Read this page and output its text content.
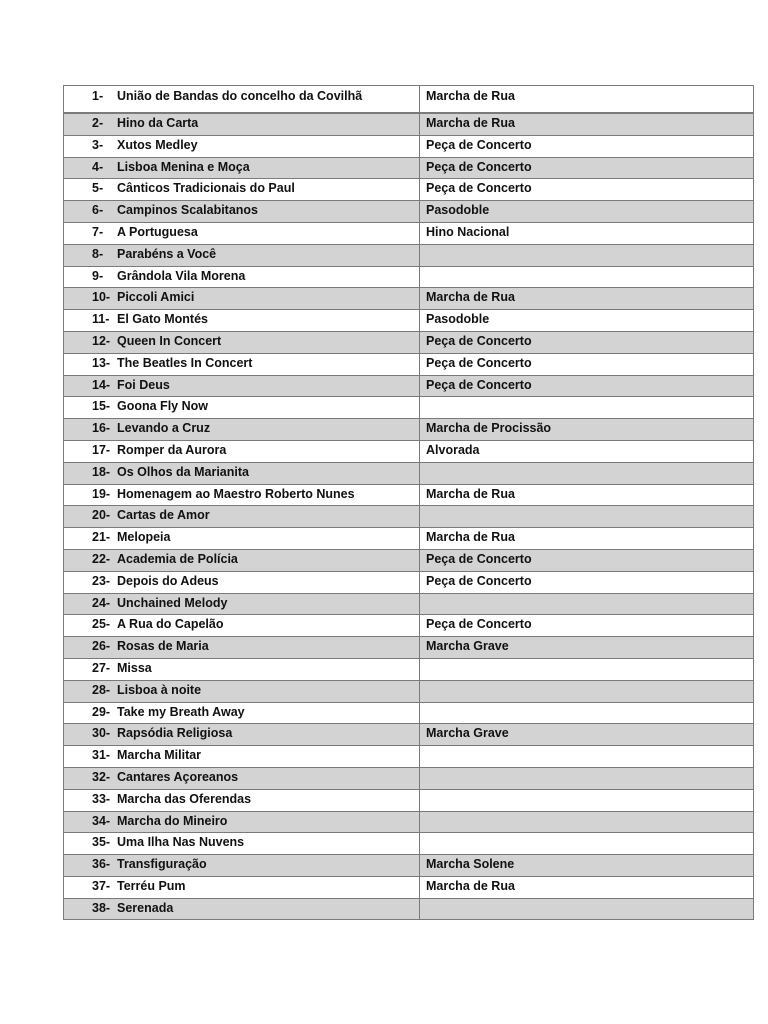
1- União de Bandas do concelho da Covilhã	Marcha de Rua
2- Hino da Carta	Marcha de Rua
3- Xutos Medley	Peça de Concerto
4- Lisboa Menina e Moça	Peça de Concerto
5- Cânticos Tradicionais do Paul	Peça de Concerto
6- Campinos Scalabitanos	Pasodoble
7- A Portuguesa	Hino Nacional
8- Parabéns a Você	
9- Grândola Vila Morena	
10- Piccoli Amici	Marcha de Rua
11- El Gato Montés	Pasodoble
12- Queen In Concert	Peça de Concerto
13- The Beatles In Concert	Peça de Concerto
14- Foi Deus	Peça de Concerto
15- Goona Fly Now	
16- Levando a Cruz	Marcha de Procissão
17- Romper da Aurora	Alvorada
18- Os Olhos da Marianita	
19- Homenagem ao Maestro Roberto Nunes	Marcha de Rua
20- Cartas de Amor	
21- Melopeia	Marcha de Rua
22- Academia de Polícia	Peça de Concerto
23- Depois do Adeus	Peça de Concerto
24- Unchained Melody	
25- A Rua do Capelão	Peça de Concerto
26- Rosas de Maria	Marcha Grave
27- Missa	
28- Lisboa à noite	
29- Take my Breath Away	
30- Rapsódia Religiosa	Marcha Grave
31- Marcha Militar	
32- Cantares Açoreanos	
33- Marcha das Oferendas	
34- Marcha do Mineiro	
35- Uma Ilha Nas Nuvens	
36- Transfiguração	Marcha Solene
37- Terréu Pum	Marcha de Rua
38- Serenada	
